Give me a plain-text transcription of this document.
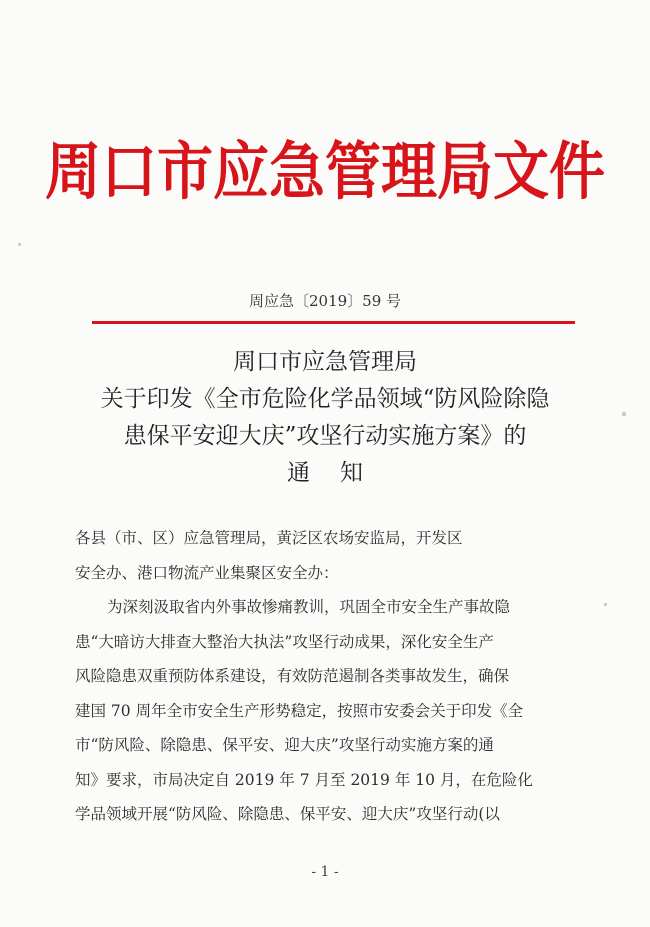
周口市应急管理局文件
周应急〔2019〕59 号
周口市应急管理局
关于印发《全市危险化学品领域“防风险除隐
患保平安迎大庆”攻坚行动实施方案》的
通知
各县（市、区）应急管理局，黄泛区农场安监局，开发区
安全办、港口物流产业集聚区安全办：
为深刻汲取省内外事故惨痛教训，巩固全市安全生产事故隐
患“大暗访大排查大整治大执法”攻坚行动成果，深化安全生产
风险隐患双重预防体系建设，有效防范遏制各类事故发生，确保
建国 70 周年全市安全生产形势稳定，按照市安委会关于印发《全
市“防风险、除隐患、保平安、迎大庆”攻坚行动实施方案的通
知》要求，市局决定自 2019 年 7 月至 2019 年 10 月，在危险化
学品领域开展“防风险、除隐患、保平安、迎大庆”攻坚行动(以
- 1 -
